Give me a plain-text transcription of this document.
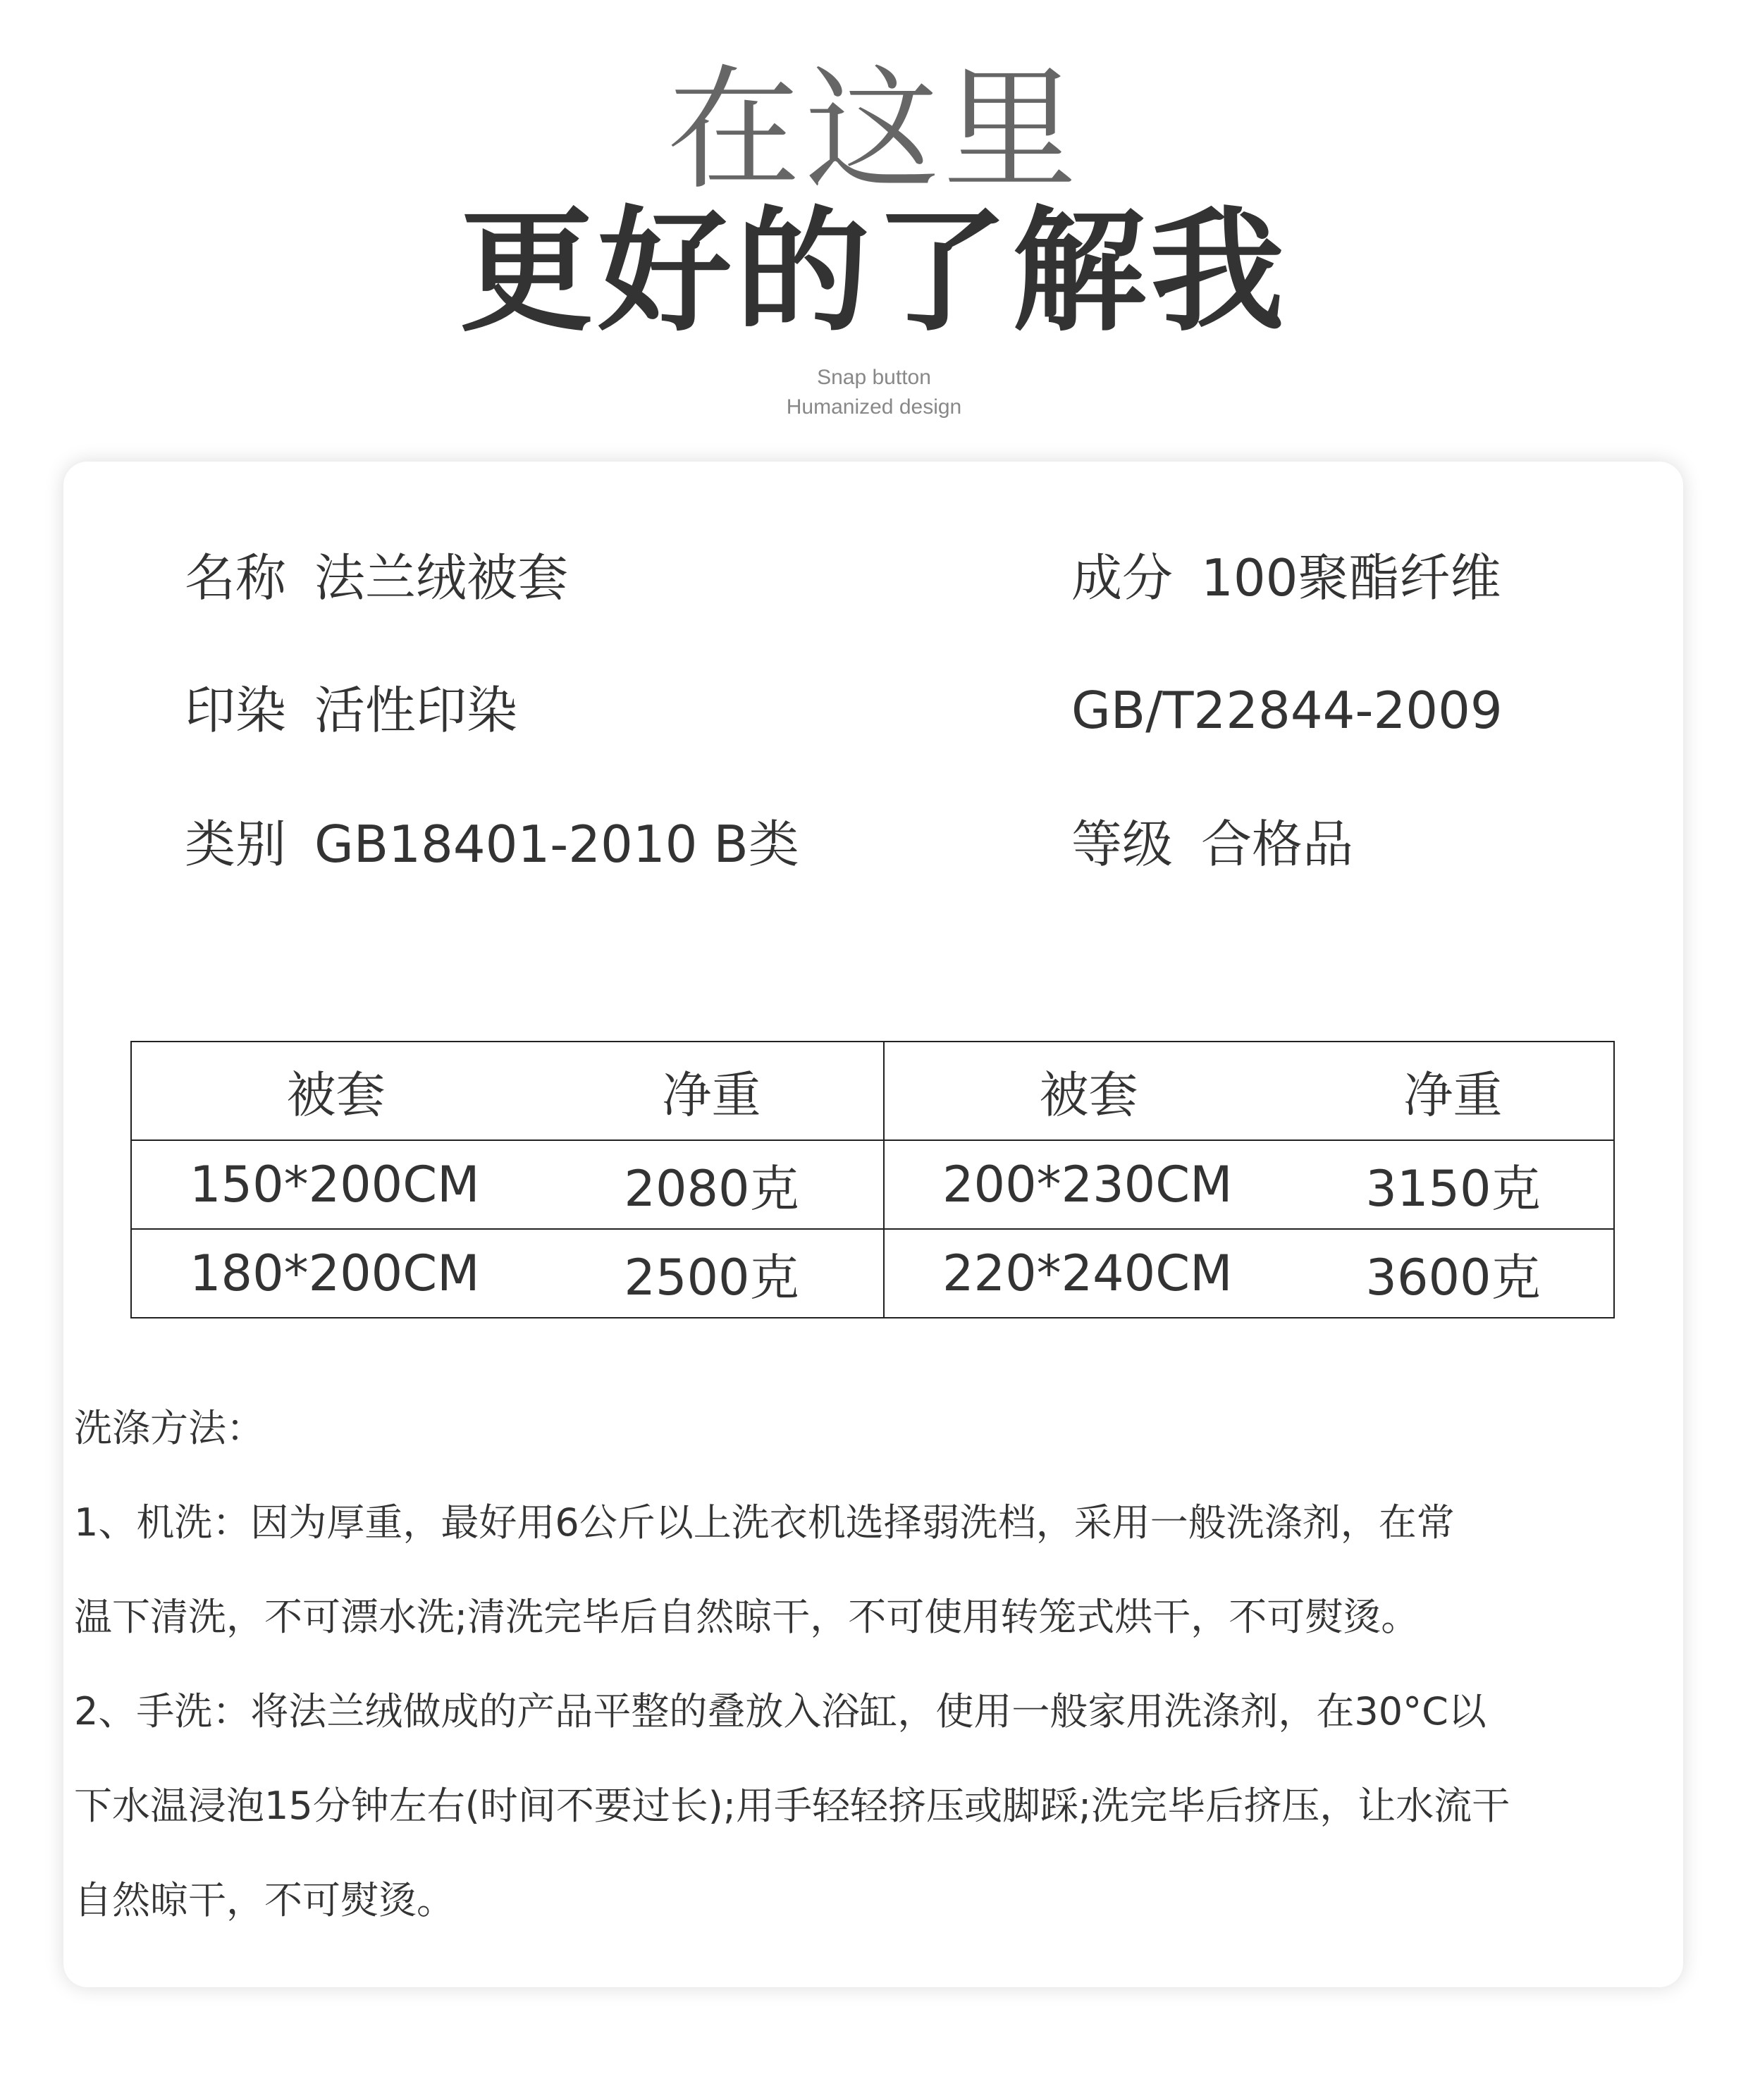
在这里
更好的了解我
Snap button
Humanized design
名称 法兰绒被套	成分 100聚酯纤维
印染 活性印染	GB/T22844-2009
类别 GB18401-2010 B类	等级 合格品
被套	净重	被套	净重
150*200CM	2080克	200*230CM	3150克
180*200CM	2500克	220*240CM	3600克
洗涤方法：
1、机洗：因为厚重，最好用6公斤以上洗衣机选择弱洗档，采用一般洗涤剂，在常
温下清洗，不可漂水洗;清洗完毕后自然晾干，不可使用转笼式烘干，不可熨烫。
2、手洗：将法兰绒做成的产品平整的叠放入浴缸，使用一般家用洗涤剂，在30°C以
下水温浸泡15分钟左右(时间不要过长);用手轻轻挤压或脚踩;洗完毕后挤压，让水流干
自然晾干，不可熨烫。
